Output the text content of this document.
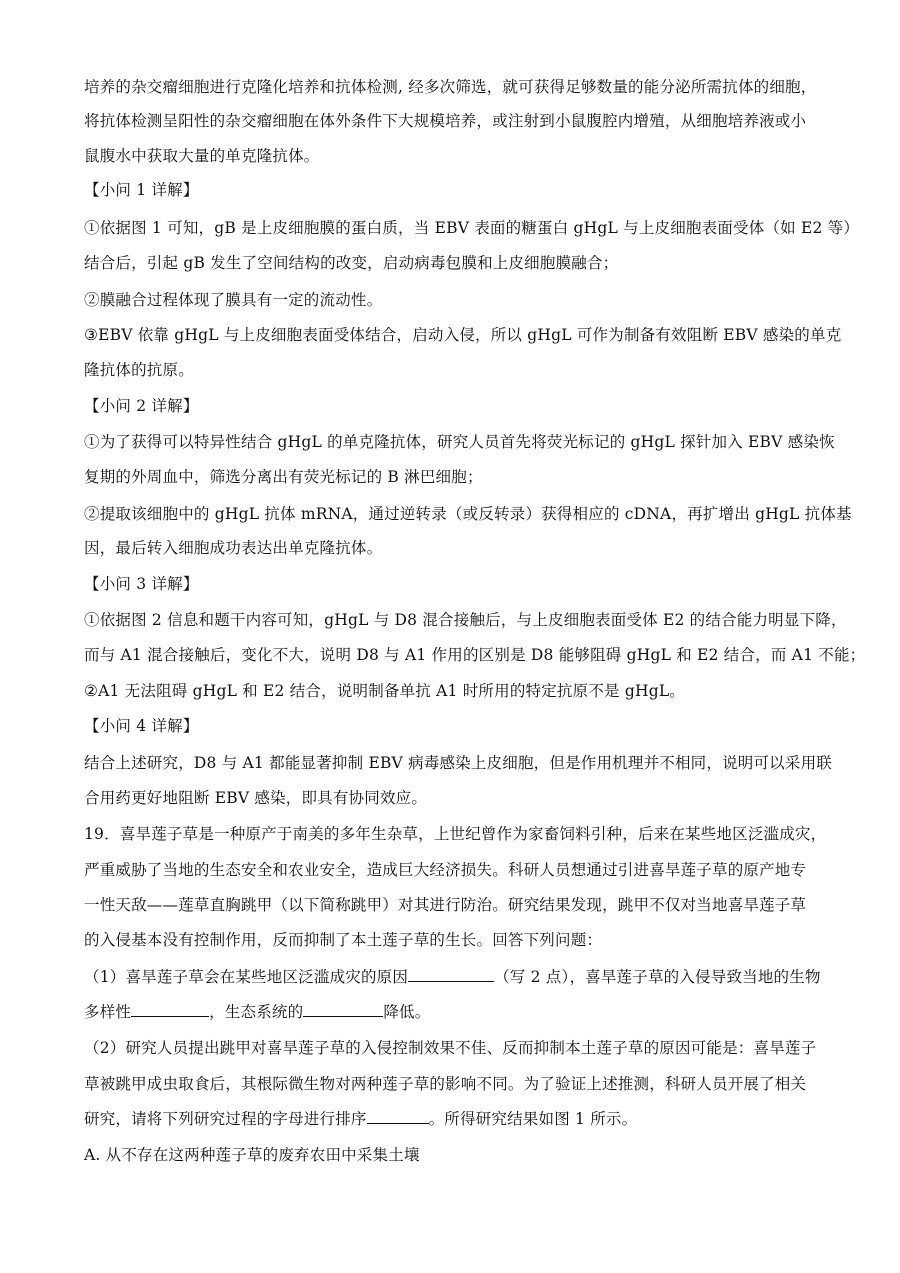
培养的杂交瘤细胞进行克隆化培养和抗体检测, 经多次筛选，就可获得足够数量的能分泌所需抗体的细胞，
将抗体检测呈阳性的杂交瘤细胞在体外条件下大规模培养，或注射到小鼠腹腔内增殖，从细胞培养液或小
鼠腹水中获取大量的单克隆抗体。
【小问 1 详解】
①依据图 1 可知，gB 是上皮细胞膜的蛋白质，当 EBV 表面的糖蛋白 gHgL 与上皮细胞表面受体（如 E2 等）
结合后，引起 gB 发生了空间结构的改变，启动病毒包膜和上皮细胞膜融合；
②膜融合过程体现了膜具有一定的流动性。
③EBV 依靠 gHgL 与上皮细胞表面受体结合，启动入侵，所以 gHgL 可作为制备有效阻断 EBV 感染的单克
隆抗体的抗原。
【小问 2 详解】
①为了获得可以特异性结合 gHgL 的单克隆抗体，研究人员首先将荧光标记的 gHgL 探针加入 EBV 感染恢
复期的外周血中，筛选分离出有荧光标记的 B 淋巴细胞；
②提取该细胞中的 gHgL 抗体 mRNA，通过逆转录（或反转录）获得相应的 cDNA，再扩增出 gHgL 抗体基
因，最后转入细胞成功表达出单克隆抗体。
【小问 3 详解】
①依据图 2 信息和题干内容可知，gHgL 与 D8 混合接触后，与上皮细胞表面受体 E2 的结合能力明显下降，
而与 A1 混合接触后，变化不大，说明 D8 与 A1 作用的区别是 D8 能够阻碍 gHgL 和 E2 结合，而 A1 不能；
②A1 无法阻碍 gHgL 和 E2 结合，说明制备单抗 A1 时所用的特定抗原不是 gHgL。
【小问 4 详解】
结合上述研究，D8 与 A1 都能显著抑制 EBV 病毒感染上皮细胞，但是作用机理并不相同，说明可以采用联
合用药更好地阻断 EBV 感染，即具有协同效应。
19．喜旱莲子草是一种原产于南美的多年生杂草，上世纪曾作为家畜饲料引种，后来在某些地区泛滥成灾，
严重威胁了当地的生态安全和农业安全，造成巨大经济损失。科研人员想通过引进喜旱莲子草的原产地专
一性天敌——莲草直胸跳甲（以下简称跳甲）对其进行防治。研究结果发现，跳甲不仅对当地喜旱莲子草
的入侵基本没有控制作用，反而抑制了本土莲子草的生长。回答下列问题：
（1）喜旱莲子草会在某些地区泛滥成灾的原因	（写 2 点），喜旱莲子草的入侵导致当地的生物
多样性	，生态系统的	降低。
（2）研究人员提出跳甲对喜旱莲子草的入侵控制效果不佳、反而抑制本土莲子草的原因可能是：喜旱莲子
草被跳甲成虫取食后，其根际微生物对两种莲子草的影响不同。为了验证上述推测，科研人员开展了相关
研究，请将下列研究过程的字母进行排序	。所得研究结果如图 1 所示。
A. 从不存在这两种莲子草的废弃农田中采集土壤
